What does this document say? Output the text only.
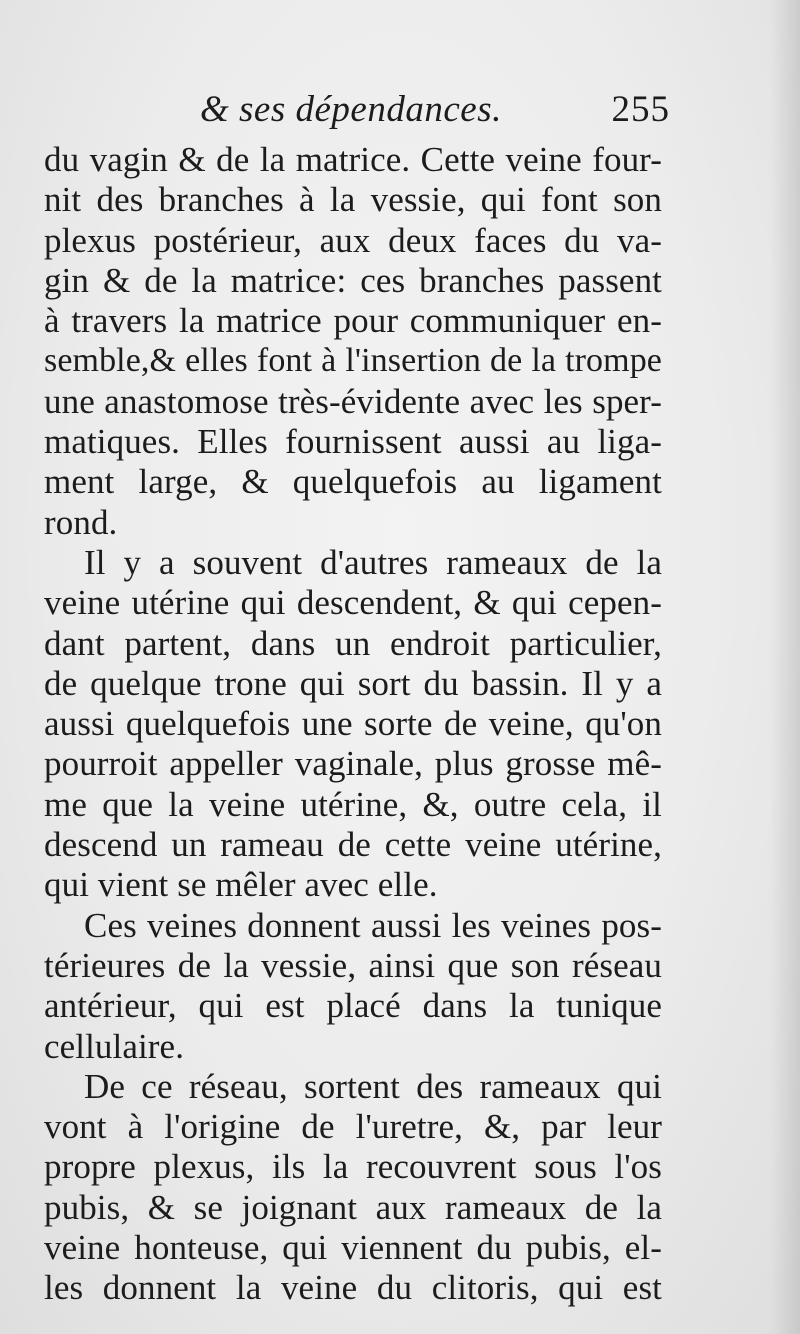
& ses dépendances.	255
du vagin & de la matrice. Cette veine four-
nit des branches à la vessie, qui font son
plexus postérieur, aux deux faces du va-
gin & de la matrice: ces branches passent
à travers la matrice pour communiquer en-
semble,& elles font à l'insertion de la trompe
une anastomose très-évidente avec les sper-
matiques. Elles fournissent aussi au liga-
ment large, & quelquefois au ligament
rond.
Il y a souvent d'autres rameaux de la
veine utérine qui descendent, & qui cepen-
dant partent, dans un endroit particulier,
de quelque trone qui sort du bassin. Il y a
aussi quelquefois une sorte de veine, qu'on
pourroit appeller vaginale, plus grosse mê-
me que la veine utérine, &, outre cela, il
descend un rameau de cette veine utérine,
qui vient se mêler avec elle.
Ces veines donnent aussi les veines pos-
térieures de la vessie, ainsi que son réseau
antérieur, qui est placé dans la tunique
cellulaire.
De ce réseau, sortent des rameaux qui
vont à l'origine de l'uretre, &, par leur
propre plexus, ils la recouvrent sous l'os
pubis, & se joignant aux rameaux de la
veine honteuse, qui viennent du pubis, el-
les donnent la veine du clitoris, qui est
